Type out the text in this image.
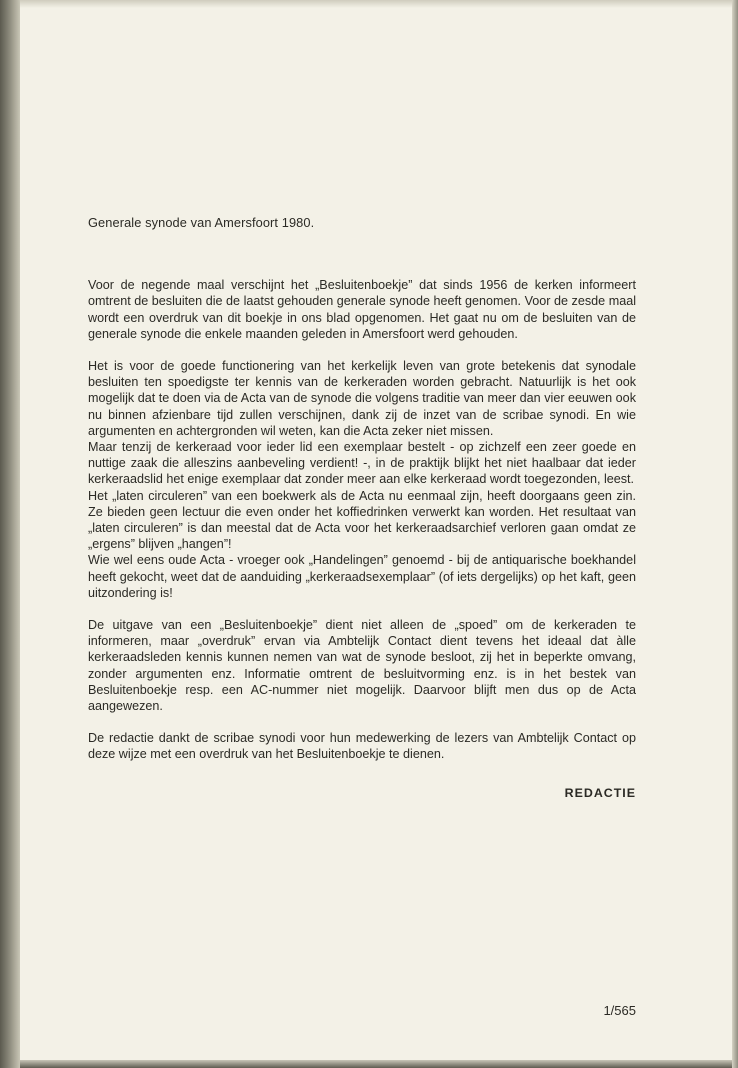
Generale synode van Amersfoort 1980.

Voor de negende maal verschijnt het „Besluitenboekje” dat sinds 1956 de kerken informeert omtrent de besluiten die de laatst gehouden generale synode heeft genomen. Voor de zesde maal wordt een overdruk van dit boekje in ons blad opgenomen. Het gaat nu om de besluiten van de generale synode die enkele maanden geleden in Amersfoort werd gehouden.

Het is voor de goede functionering van het kerkelijk leven van grote betekenis dat synodale besluiten ten spoedigste ter kennis van de kerkeraden worden gebracht. Natuurlijk is het ook mogelijk dat te doen via de Acta van de synode die volgens traditie van meer dan vier eeuwen ook nu binnen afzienbare tijd zullen verschijnen, dank zij de inzet van de scribae synodi. En wie argumenten en achtergronden wil weten, kan die Acta zeker niet missen.

Maar tenzij de kerkeraad voor ieder lid een exemplaar bestelt - op zichzelf een zeer goede en nuttige zaak die alleszins aanbeveling verdient! -, in de praktijk blijkt het niet haalbaar dat ieder kerkeraadslid het enige exemplaar dat zonder meer aan elke kerkeraad wordt toegezonden, leest.

Het „laten circuleren” van een boekwerk als de Acta nu eenmaal zijn, heeft doorgaans geen zin. Ze bieden geen lectuur die even onder het koffiedrinken verwerkt kan worden. Het resultaat van „laten circuleren” is dan meestal dat de Acta voor het kerkeraadsarchief verloren gaan omdat ze „ergens” blijven „hangen”!

Wie wel eens oude Acta - vroeger ook „Handelingen” genoemd - bij de antiquarische boekhandel heeft gekocht, weet dat de aanduiding „kerkeraadsexemplaar” (of iets dergelijks) op het kaft, geen uitzondering is!

De uitgave van een „Besluitenboekje” dient niet alleen de „spoed” om de kerkeraden te informeren, maar „overdruk” ervan via Ambtelijk Contact dient tevens het ideaal dat àlle kerkeraadsleden kennis kunnen nemen van wat de synode besloot, zij het in beperkte omvang, zonder argumenten enz. Informatie omtrent de besluitvorming enz. is in het bestek van Besluitenboekje resp. een AC-nummer niet mogelijk. Daarvoor blijft men dus op de Acta aangewezen.

De redactie dankt de scribae synodi voor hun medewerking de lezers van Ambtelijk Contact op deze wijze met een overdruk van het Besluitenboekje te dienen.

REDACTIE
1/565
